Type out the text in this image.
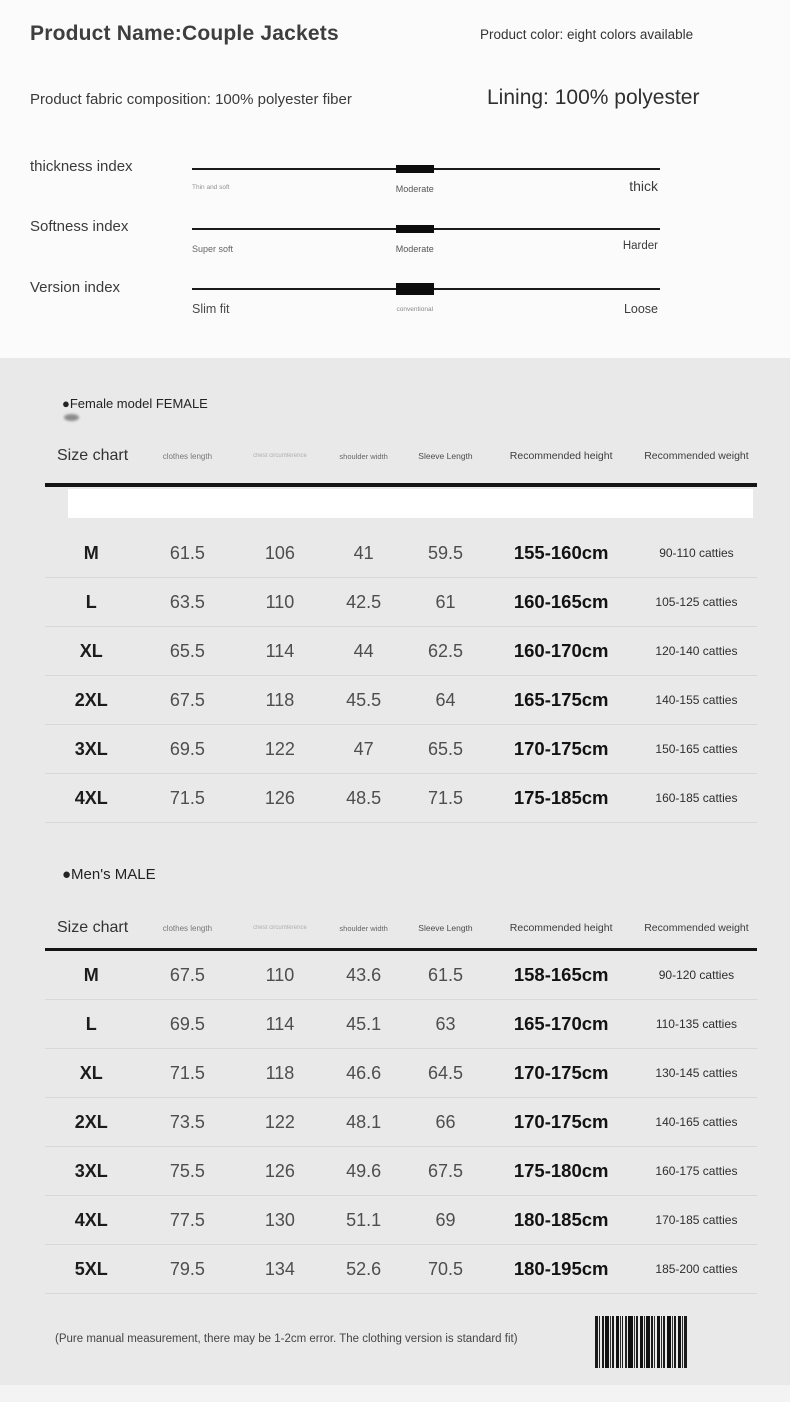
Product Name:Couple Jackets	Product color: eight colors available
Product fabric composition: 100% polyester fiber	Lining: 100% polyester
thickness index
Thin and soft	Moderate	thick
Softness index
Super soft	Moderate	Harder
Version index
Slim fit	conventional	Loose
●Female model FEMALE
Size chart	clothes length	chest circumference	shoulder width	Sleeve Length	Recommended height	Recommended weight
M	61.5	106	41	59.5	155-160cm	90-110 catties
L	63.5	110	42.5	61	160-165cm	105-125 catties
XL	65.5	114	44	62.5	160-170cm	120-140 catties
2XL	67.5	118	45.5	64	165-175cm	140-155 catties
3XL	69.5	122	47	65.5	170-175cm	150-165 catties
4XL	71.5	126	48.5	71.5	175-185cm	160-185 catties
●Men's MALE
Size chart	clothes length	chest circumference	shoulder width	Sleeve Length	Recommended height	Recommended weight
M	67.5	110	43.6	61.5	158-165cm	90-120 catties
L	69.5	114	45.1	63	165-170cm	110-135 catties
XL	71.5	118	46.6	64.5	170-175cm	130-145 catties
2XL	73.5	122	48.1	66	170-175cm	140-165 catties
3XL	75.5	126	49.6	67.5	175-180cm	160-175 catties
4XL	77.5	130	51.1	69	180-185cm	170-185 catties
5XL	79.5	134	52.6	70.5	180-195cm	185-200 catties
(Pure manual measurement, there may be 1-2cm error. The clothing version is standard fit)
